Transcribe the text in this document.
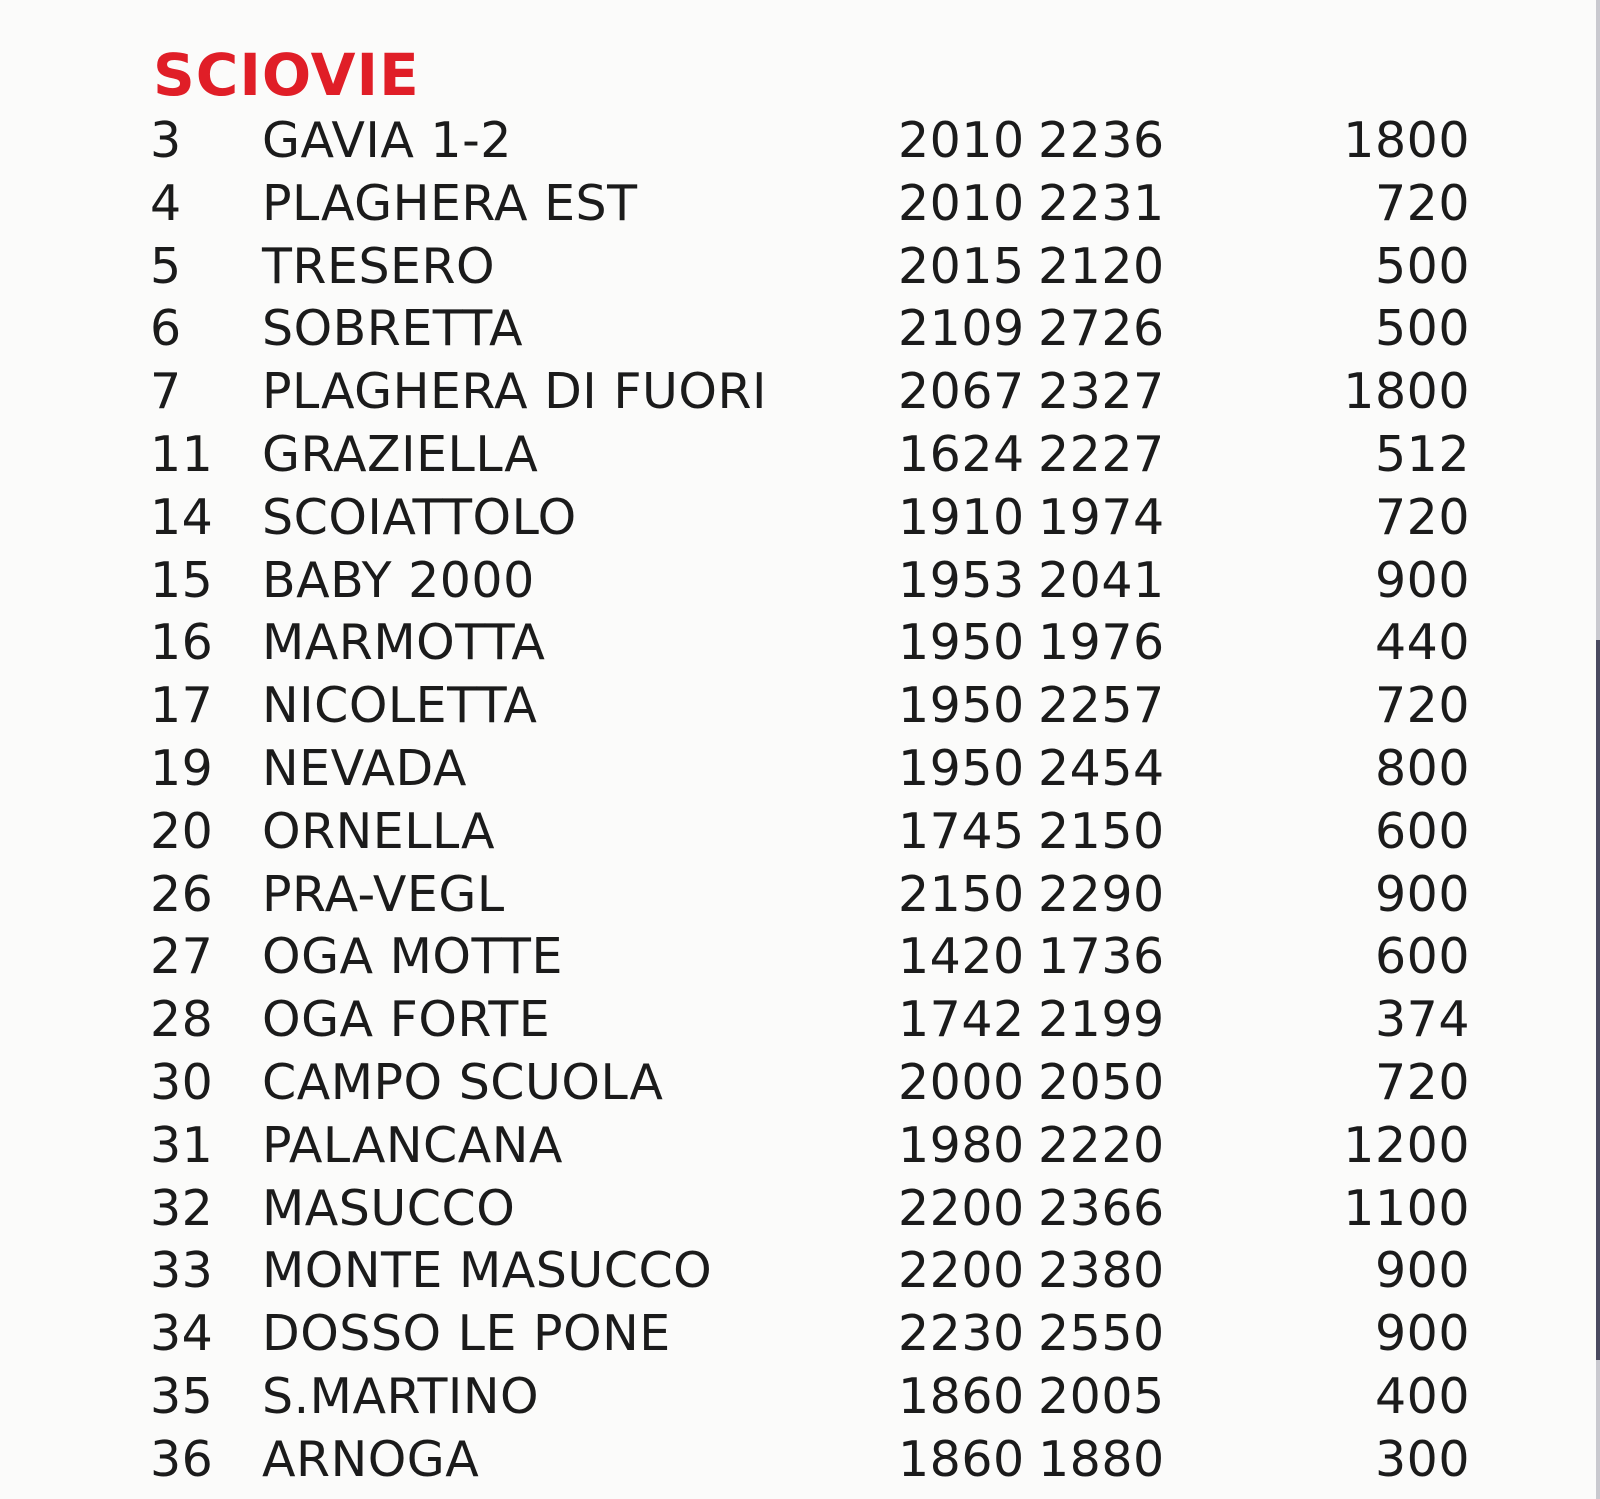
SCIOVIE
3 GAVIA 1-2	2010 2236	1800
4 PLAGHERA EST	2010 2231	720
5 TRESERO	2015 2120	500
6 SOBRETTA	2109 2726	500
7 PLAGHERA DI FUORI	2067 2327	1800
11 GRAZIELLA	1624 2227	512
14 SCOIATTOLO	1910 1974	720
15 BABY 2000	1953 2041	900
16 MARMOTTA	1950 1976	440
17 NICOLETTA	1950 2257	720
19 NEVADA	1950 2454	800
20 ORNELLA	1745 2150	600
26 PRA-VEGL	2150 2290	900
27 OGA MOTTE	1420 1736	600
28 OGA FORTE	1742 2199	374
30 CAMPO SCUOLA	2000 2050	720
31 PALANCANA	1980 2220	1200
32 MASUCCO	2200 2366	1100
33 MONTE MASUCCO	2200 2380	900
34 DOSSO LE PONE	2230 2550	900
35 S.MARTINO	1860 2005	400
36 ARNOGA	1860 1880	300
